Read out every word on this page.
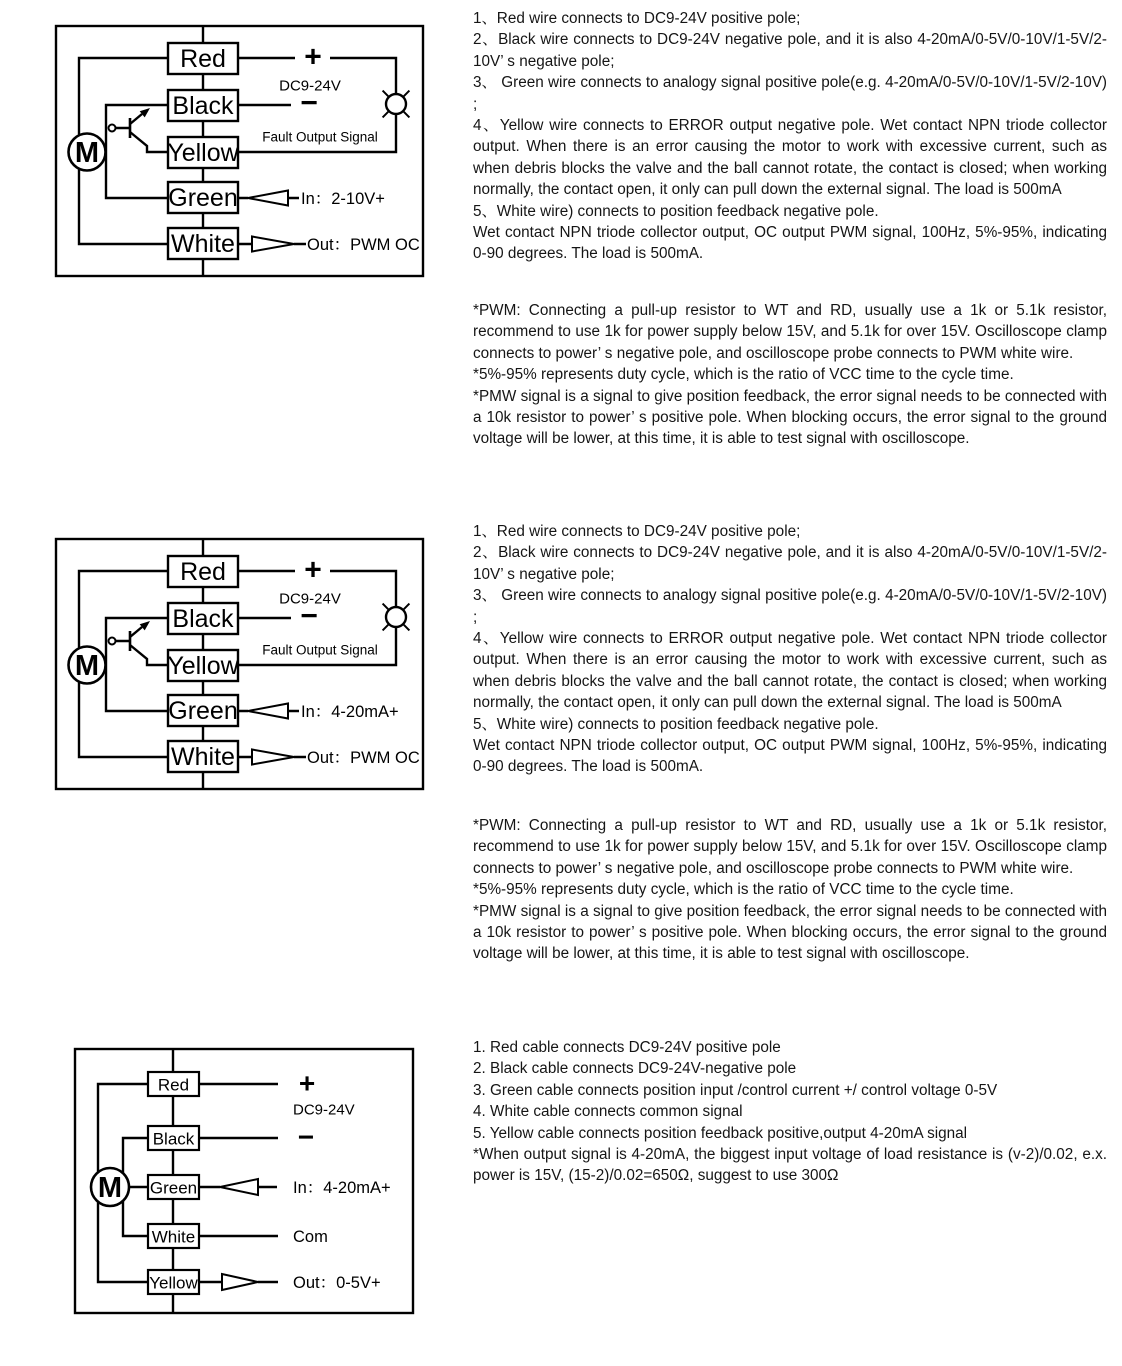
Red
Black
Yellow
Green
White
M
+
DC9-24V
−
Fault Output Signal
In：2-10V+
Out：PWM OC
Red
Black
Yellow
Green
White
M
+
DC9-24V
−
Fault Output Signal
In：4-20mA+
Out：PWM OC
M
Red
Black
Green
White
Yellow
+
DC9-24V
−
In：4-20mA+
Com
Out：0-5V+

1、Red wire connects to DC9-24V positive pole;

2、Black wire connects to DC9-24V negative pole, and it is also 4-20mA/0-5V/0-10V/1-5V/2-10V’ s negative pole;

3、 Green wire connects to analogy signal positive pole(e.g. 4-20mA/0-5V/0-10V/1-5V/2-10V) ;

4、Yellow wire connects to ERROR output negative pole. Wet contact NPN triode collector output. When there is an error causing the motor to work with excessive current, such as when debris blocks the valve and the ball cannot rotate, the contact is closed; when working normally, the contact open, it only can pull down the external signal. The load is 500mA

5、White wire) connects to position feedback negative pole.

Wet contact NPN triode collector output, OC output PWM signal, 100Hz, 5%-95%, indicating 0-90 degrees. The load is 500mA.

*PWM: Connecting a pull-up resistor to WT and RD, usually use a 1k or 5.1k resistor, recommend to use 1k for power supply below 15V, and 5.1k for over 15V. Oscilloscope clamp connects to power’ s negative pole, and oscilloscope probe connects to PWM white wire.

*5%-95% represents duty cycle, which is the ratio of VCC time to the cycle time.

*PMW signal is a signal to give position feedback, the error signal needs to be connected with a 10k resistor to power’ s positive pole. When blocking occurs, the error signal to the ground voltage will be lower, at this time, it is able to test signal with oscilloscope.

1、Red wire connects to DC9-24V positive pole;

2、Black wire connects to DC9-24V negative pole, and it is also 4-20mA/0-5V/0-10V/1-5V/2-10V’ s negative pole;

3、 Green wire connects to analogy signal positive pole(e.g. 4-20mA/0-5V/0-10V/1-5V/2-10V) ;

4、Yellow wire connects to ERROR output negative pole. Wet contact NPN triode collector output. When there is an error causing the motor to work with excessive current, such as when debris blocks the valve and the ball cannot rotate, the contact is closed; when working normally, the contact open, it only can pull down the external signal. The load is 500mA

5、White wire) connects to position feedback negative pole.

Wet contact NPN triode collector output, OC output PWM signal, 100Hz, 5%-95%, indicating 0-90 degrees. The load is 500mA.

*PWM: Connecting a pull-up resistor to WT and RD, usually use a 1k or 5.1k resistor, recommend to use 1k for power supply below 15V, and 5.1k for over 15V. Oscilloscope clamp connects to power’ s negative pole, and oscilloscope probe connects to PWM white wire.

*5%-95% represents duty cycle, which is the ratio of VCC time to the cycle time.

*PMW signal is a signal to give position feedback, the error signal needs to be connected with a 10k resistor to power’ s positive pole. When blocking occurs, the error signal to the ground voltage will be lower, at this time, it is able to test signal with oscilloscope.

1. Red cable connects DC9-24V positive pole

2. Black cable connects DC9-24V-negative pole

3. Green cable connects position input /control current +/ control voltage 0-5V

4. White cable connects common signal

5. Yellow cable connects position feedback positive,output 4-20mA signal

*When output signal is 4-20mA, the biggest input voltage of load resistance is (v-2)/0.02, e.x. power is 15V, (15-2)/0.02=650Ω, suggest to use 300Ω
